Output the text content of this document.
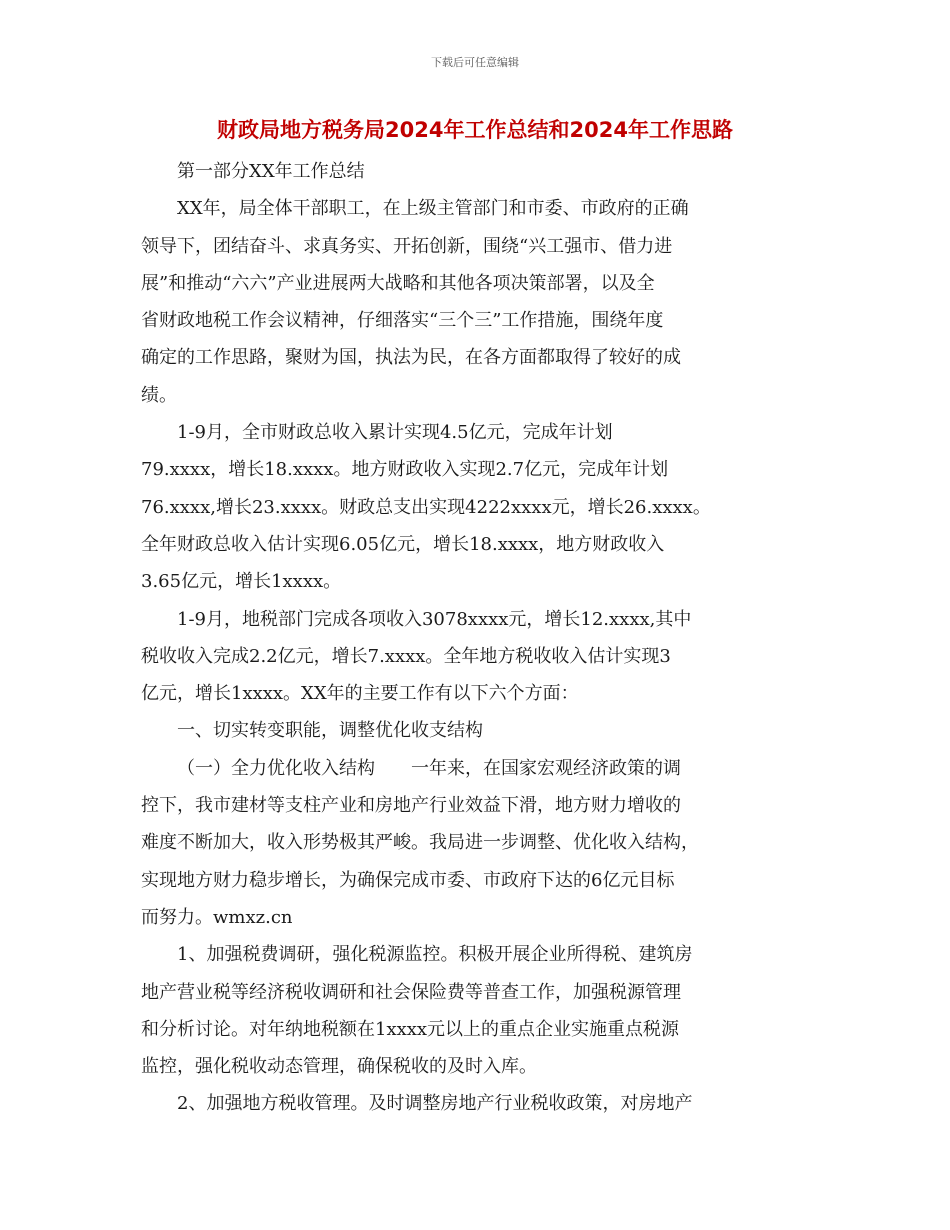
下载后可任意编辑
财政局地方税务局2024年工作总结和2024年工作思路
第一部分XX年工作总结
XX年，局全体干部职工，在上级主管部门和市委、市政府的正确
领导下，团结奋斗、求真务实、开拓创新，围绕“兴工强市、借力进
展”和推动“六六”产业进展两大战略和其他各项决策部署，以及全
省财政地税工作会议精神，仔细落实“三个三”工作措施，围绕年度
确定的工作思路，聚财为国，执法为民，在各方面都取得了较好的成
绩。
1-9月，全市财政总收入累计实现4.5亿元，完成年计划
79.xxxx，增长18.xxxx。地方财政收入实现2.7亿元，完成年计划
76.xxxx,增长23.xxxx。财政总支出实现4222xxxx元，增长26.xxxx。
全年财政总收入估计实现6.05亿元，增长18.xxxx，地方财政收入
3.65亿元，增长1xxxx。
1-9月，地税部门完成各项收入3078xxxx元，增长12.xxxx,其中
税收收入完成2.2亿元，增长7.xxxx。全年地方税收收入估计实现3
亿元，增长1xxxx。XX年的主要工作有以下六个方面：
一、切实转变职能，调整优化收支结构
（一）全力优化收入结构　　一年来，在国家宏观经济政策的调
控下，我市建材等支柱产业和房地产行业效益下滑，地方财力增收的
难度不断加大，收入形势极其严峻。我局进一步调整、优化收入结构，
实现地方财力稳步增长，为确保完成市委、市政府下达的6亿元目标
而努力。wmxz.cn
1、加强税费调研，强化税源监控。积极开展企业所得税、建筑房
地产营业税等经济税收调研和社会保险费等普查工作，加强税源管理
和分析讨论。对年纳地税额在1xxxx元以上的重点企业实施重点税源
监控，强化税收动态管理，确保税收的及时入库。
2、加强地方税收管理。及时调整房地产行业税收政策，对房地产
